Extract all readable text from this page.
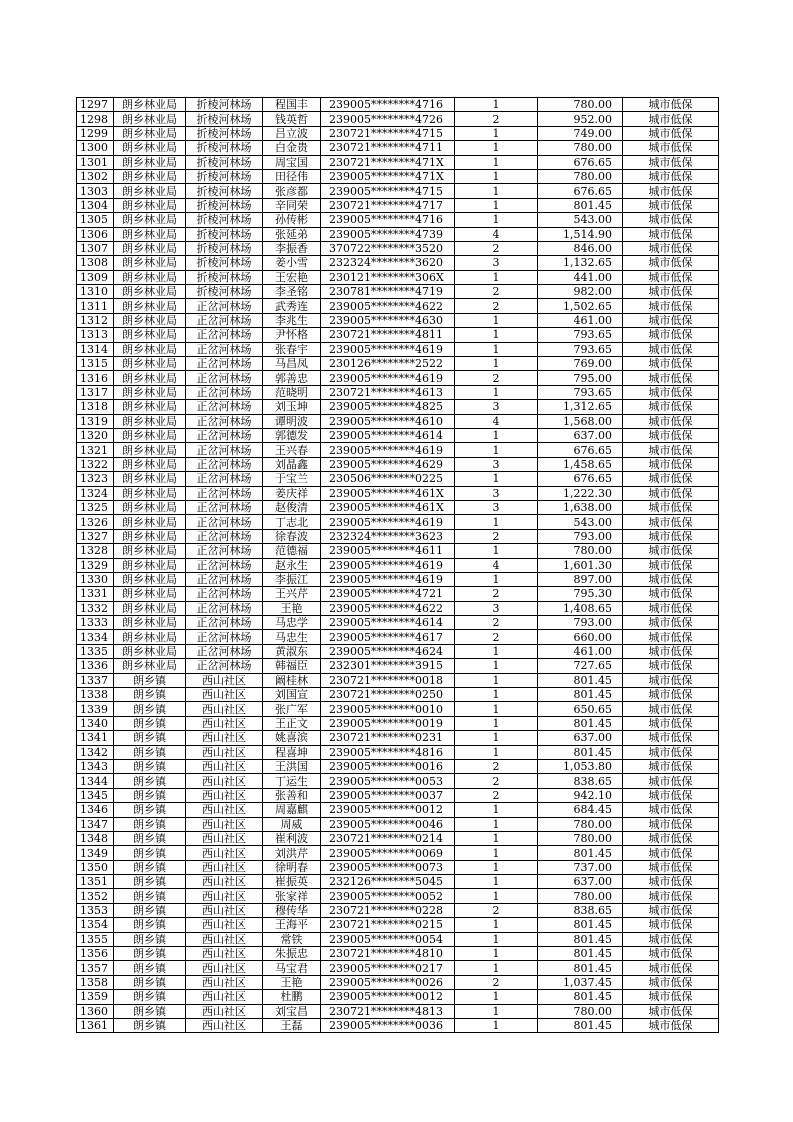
1297	朗乡林业局	折棱河林场	程国丰	239005********4716	1	780.00	城市低保
1298	朗乡林业局	折棱河林场	钱英哲	239005********4726	2	952.00	城市低保
1299	朗乡林业局	折棱河林场	吕立波	230721********4715	1	749.00	城市低保
1300	朗乡林业局	折棱河林场	白金贵	230721********4711	1	780.00	城市低保
1301	朗乡林业局	折棱河林场	周宝国	230721********471X	1	676.65	城市低保
1302	朗乡林业局	折棱河林场	田径伟	239005********471X	1	780.00	城市低保
1303	朗乡林业局	折棱河林场	张彦都	239005********4715	1	676.65	城市低保
1304	朗乡林业局	折棱河林场	辛同荣	230721********4717	1	801.45	城市低保
1305	朗乡林业局	折棱河林场	孙传彬	239005********4716	1	543.00	城市低保
1306	朗乡林业局	折棱河林场	张延弟	239005********4739	4	1,514.90	城市低保
1307	朗乡林业局	折棱河林场	李振香	370722********3520	2	846.00	城市低保
1308	朗乡林业局	折棱河林场	姜小雪	232324********3620	3	1,132.65	城市低保
1309	朗乡林业局	折棱河林场	王宏艳	230121********306X	1	441.00	城市低保
1310	朗乡林业局	折棱河林场	李圣铭	230781********4719	2	982.00	城市低保
1311	朗乡林业局	正岔河林场	武秀连	239005********4622	2	1,502.65	城市低保
1312	朗乡林业局	正岔河林场	李兆生	239005********4630	1	461.00	城市低保
1313	朗乡林业局	正岔河林场	尹怀格	230721********4811	1	793.65	城市低保
1314	朗乡林业局	正岔河林场	张春宇	239005********4619	1	793.65	城市低保
1315	朗乡林业局	正岔河林场	马昌凤	230126********2522	1	769.00	城市低保
1316	朗乡林业局	正岔河林场	郭善忠	239005********4619	2	795.00	城市低保
1317	朗乡林业局	正岔河林场	范晓明	230721********4613	1	793.65	城市低保
1318	朗乡林业局	正岔河林场	刘玉坤	239005********4825	3	1,312.65	城市低保
1319	朗乡林业局	正岔河林场	谭明波	239005********4610	4	1,568.00	城市低保
1320	朗乡林业局	正岔河林场	郭德发	239005********4614	1	637.00	城市低保
1321	朗乡林业局	正岔河林场	王兴春	239005********4619	1	676.65	城市低保
1322	朗乡林业局	正岔河林场	刘晶鑫	239005********4629	3	1,458.65	城市低保
1323	朗乡林业局	正岔河林场	于宝兰	230506********0225	1	676.65	城市低保
1324	朗乡林业局	正岔河林场	姜庆祥	239005********461X	3	1,222.30	城市低保
1325	朗乡林业局	正岔河林场	赵俊清	239005********461X	3	1,638.00	城市低保
1326	朗乡林业局	正岔河林场	丁志北	239005********4619	1	543.00	城市低保
1327	朗乡林业局	正岔河林场	徐春波	232324********3623	2	793.00	城市低保
1328	朗乡林业局	正岔河林场	范德福	239005********4611	1	780.00	城市低保
1329	朗乡林业局	正岔河林场	赵永生	239005********4619	4	1,601.30	城市低保
1330	朗乡林业局	正岔河林场	李振江	239005********4619	1	897.00	城市低保
1331	朗乡林业局	正岔河林场	王兴芹	239005********4721	2	795.30	城市低保
1332	朗乡林业局	正岔河林场	王艳	239005********4622	3	1,408.65	城市低保
1333	朗乡林业局	正岔河林场	马忠学	239005********4614	2	793.00	城市低保
1334	朗乡林业局	正岔河林场	马忠生	239005********4617	2	660.00	城市低保
1335	朗乡林业局	正岔河林场	黄淑东	239005********4624	1	461.00	城市低保
1336	朗乡林业局	正岔河林场	韩福臣	232301********3915	1	727.65	城市低保
1337	朗乡镇	西山社区	阚桂林	230721********0018	1	801.45	城市低保
1338	朗乡镇	西山社区	刘国宣	230721********0250	1	801.45	城市低保
1339	朗乡镇	西山社区	张广军	239005********0010	1	650.65	城市低保
1340	朗乡镇	西山社区	王正文	239005********0019	1	801.45	城市低保
1341	朗乡镇	西山社区	姚喜滨	230721********0231	1	637.00	城市低保
1342	朗乡镇	西山社区	程喜坤	239005********4816	1	801.45	城市低保
1343	朗乡镇	西山社区	王洪国	239005********0016	2	1,053.80	城市低保
1344	朗乡镇	西山社区	丁运生	239005********0053	2	838.65	城市低保
1345	朗乡镇	西山社区	张善和	239005********0037	2	942.10	城市低保
1346	朗乡镇	西山社区	周嘉麒	239005********0012	1	684.45	城市低保
1347	朗乡镇	西山社区	周威	239005********0046	1	780.00	城市低保
1348	朗乡镇	西山社区	崔利波	230721********0214	1	780.00	城市低保
1349	朗乡镇	西山社区	刘洪芹	239005********0069	1	801.45	城市低保
1350	朗乡镇	西山社区	徐明春	239005********0073	1	737.00	城市低保
1351	朗乡镇	西山社区	崔振英	232126********5045	1	637.00	城市低保
1352	朗乡镇	西山社区	张家祥	239005********0052	1	780.00	城市低保
1353	朗乡镇	西山社区	穆传华	230721********0228	2	838.65	城市低保
1354	朗乡镇	西山社区	王海平	230721********0215	1	801.45	城市低保
1355	朗乡镇	西山社区	常铁	239005********0054	1	801.45	城市低保
1356	朗乡镇	西山社区	朱振忠	230721********4810	1	801.45	城市低保
1357	朗乡镇	西山社区	马宝君	239005********0217	1	801.45	城市低保
1358	朗乡镇	西山社区	王艳	239005********0026	2	1,037.45	城市低保
1359	朗乡镇	西山社区	杜鹏	239005********0012	1	801.45	城市低保
1360	朗乡镇	西山社区	刘宝昌	230721********4813	1	780.00	城市低保
1361	朗乡镇	西山社区	王磊	239005********0036	1	801.45	城市低保
